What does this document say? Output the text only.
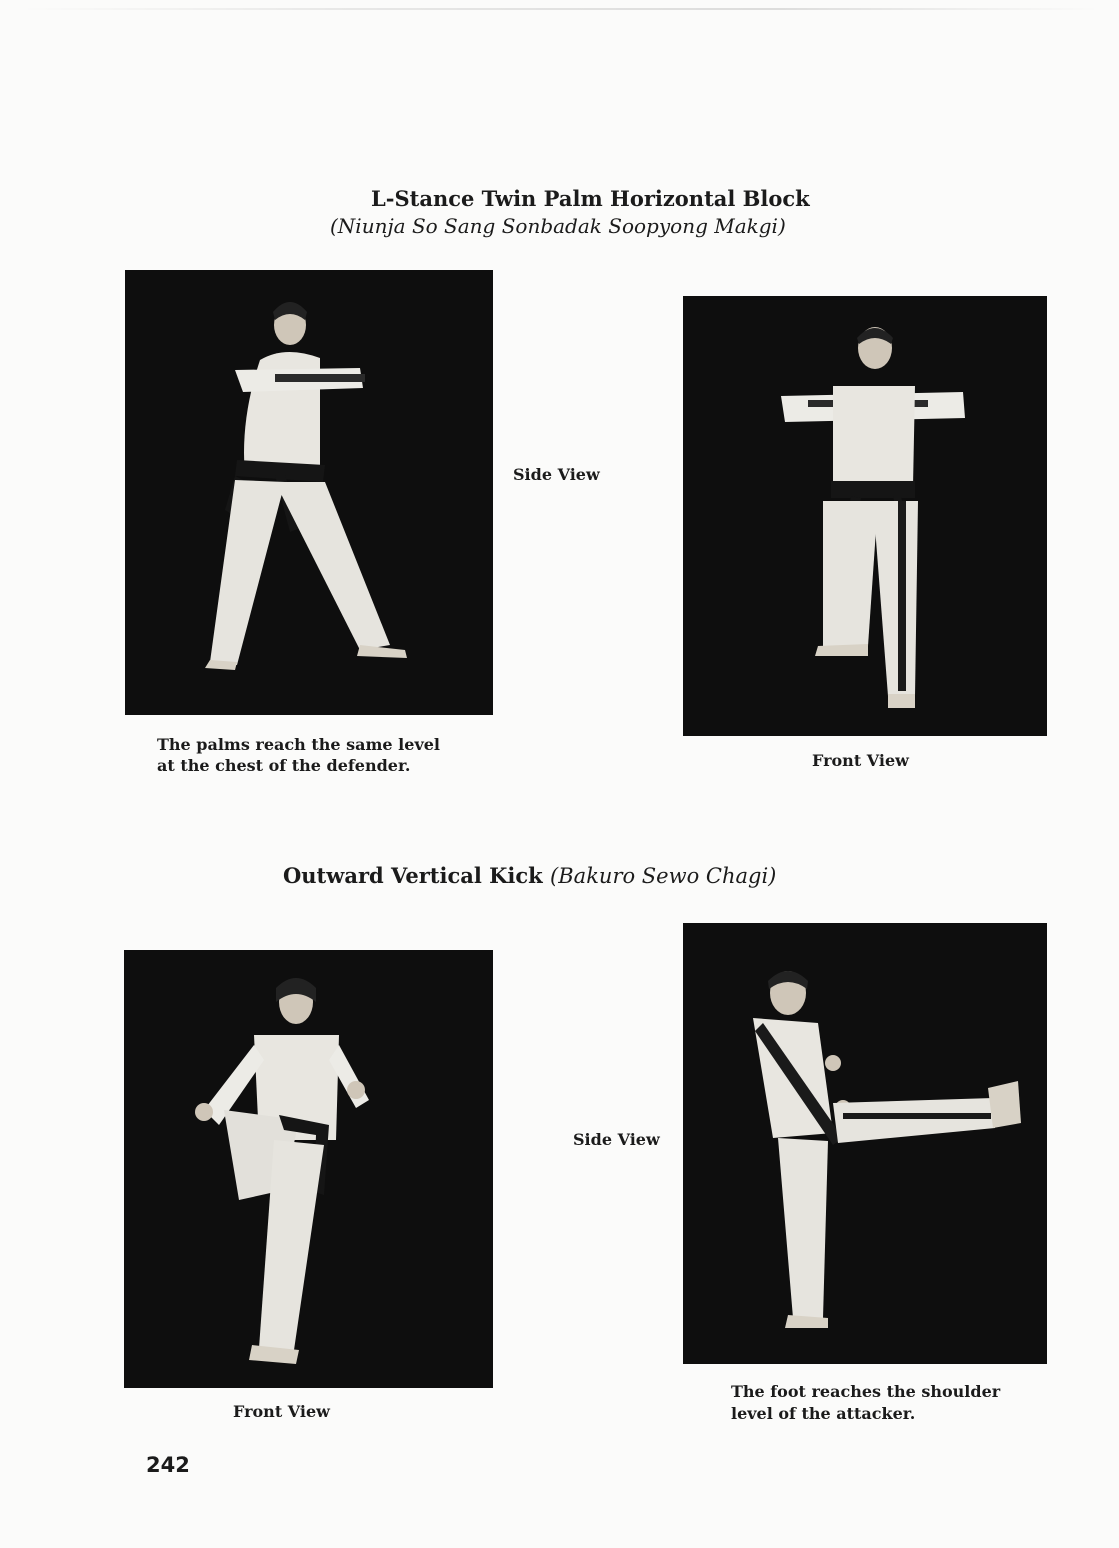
L-Stance Twin Palm Horizontal Block
(Niunja So Sang Sonbadak Soopyong Makgi)
Side View
The palms reach the same level
at the chest of the defender.	Front View
Outward Vertical Kick (Bakuro Sewo Chagi)
Side View
Front View
The foot reaches the shoulder
level of the attacker.
242
